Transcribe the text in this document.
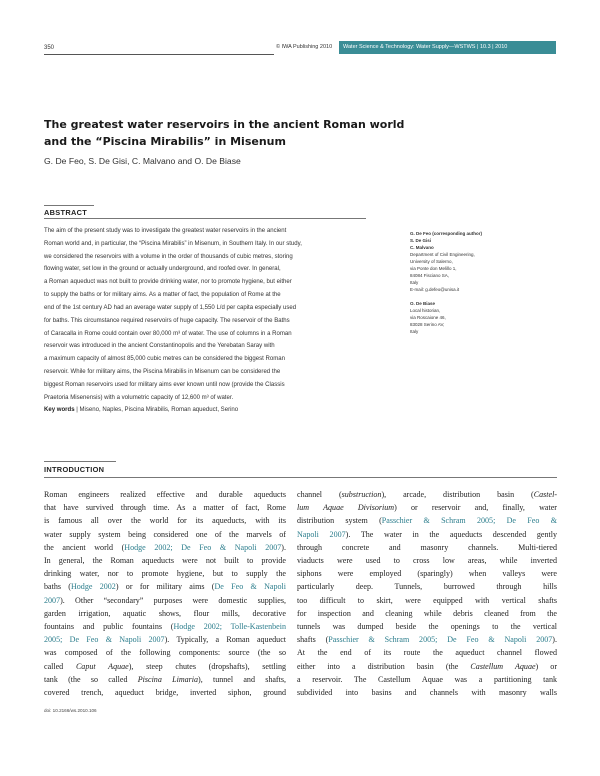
350	© IWA Publishing 2010	Water Science & Technology: Water Supply—WSTWS | 10.3 | 2010
The greatest water reservoirs in the ancient Roman world
and the “Piscina Mirabilis” in Misenum
G. De Feo, S. De Gisi, C. Malvano and O. De Biase
ABSTRACT
The aim of the present study was to investigate the greatest water reservoirs in the ancient
Roman world and, in particular, the “Piscina Mirabilis” in Misenum, in Southern Italy. In our study,
we considered the reservoirs with a volume in the order of thousands of cubic metres, storing
flowing water, set low in the ground or actually underground, and roofed over. In general,
a Roman aqueduct was not built to provide drinking water, nor to promote hygiene, but either
to supply the baths or for military aims. As a matter of fact, the population of Rome at the
end of the 1st century AD had an average water supply of 1,550 L/d per capita especially used
for baths. This circumstance required reservoirs of huge capacity. The reservoir of the Baths
of Caracalla in Rome could contain over 80,000 m³ of water. The use of columns in a Roman
reservoir was introduced in the ancient Constantinopolis and the Yerebatan Saray with
a maximum capacity of almost 85,000 cubic metres can be considered the biggest Roman
reservoir. While for military aims, the Piscina Mirabilis in Misenum can be considered the
biggest Roman reservoirs used for military aims ever known until now (provide the Classis
Praetoria Misenensis) with a volumetric capacity of 12,600 m³ of water.
Key words | Miseno, Naples, Piscina Mirabilis, Roman aqueduct, Serino
G. De Feo (corresponding author)
S. De Gisi
C. Malvano
Department of Civil Engineering,
University of Salerno,
via Ponte don Melillo 1,
84084 Fisciano SA,
Italy
E-mail: g.defeo@unisa.it

O. De Biase
Local historian,
via Roscaione 46,
83028 Serino AV,
Italy
INTRODUCTION
Roman engineers realized effective and durable aqueducts
that have survived through time. As a matter of fact, Rome
is famous all over the world for its aqueducts, with its
water supply system being considered one of the marvels of
the ancient world (Hodge 2002; De Feo & Napoli 2007).
In general, the Roman aqueducts were not built to provide
drinking water, nor to promote hygiene, but to supply the
baths (Hodge 2002) or for military aims (De Feo & Napoli
2007). Other “secondary” purposes were domestic supplies,
garden irrigation, aquatic shows, flour mills, decorative
fountains and public fountains (Hodge 2002; Tolle-Kastenbein
2005; De Feo & Napoli 2007). Typically, a Roman aqueduct
was composed of the following components: source (the so
called Caput Aquae), steep chutes (dropshafts), settling
tank (the so called Piscina Limaria), tunnel and shafts,
covered trench, aqueduct bridge, inverted siphon, ground
channel (substruction), arcade, distribution basin (Castel-
lum Aquae Divisorium) or reservoir and, finally, water
distribution system (Passchier & Schram 2005; De Feo &
Napoli 2007). The water in the aqueducts descended gently
through concrete and masonry channels. Multi-tiered
viaducts were used to cross low areas, while inverted
siphons were employed (sparingly) when valleys were
particularly deep. Tunnels, burrowed through hills
too difficult to skirt, were equipped with vertical shafts
for inspection and cleaning while debris cleaned from the
tunnels was dumped beside the openings to the vertical
shafts (Passchier & Schram 2005; De Feo & Napoli 2007).
At the end of its route the aqueduct channel flowed
either into a distribution basin (the Castellum Aquae) or
a reservoir. The Castellum Aquae was a partitioning tank
subdivided into basins and channels with masonry walls
doi: 10.2166/ws.2010.106
